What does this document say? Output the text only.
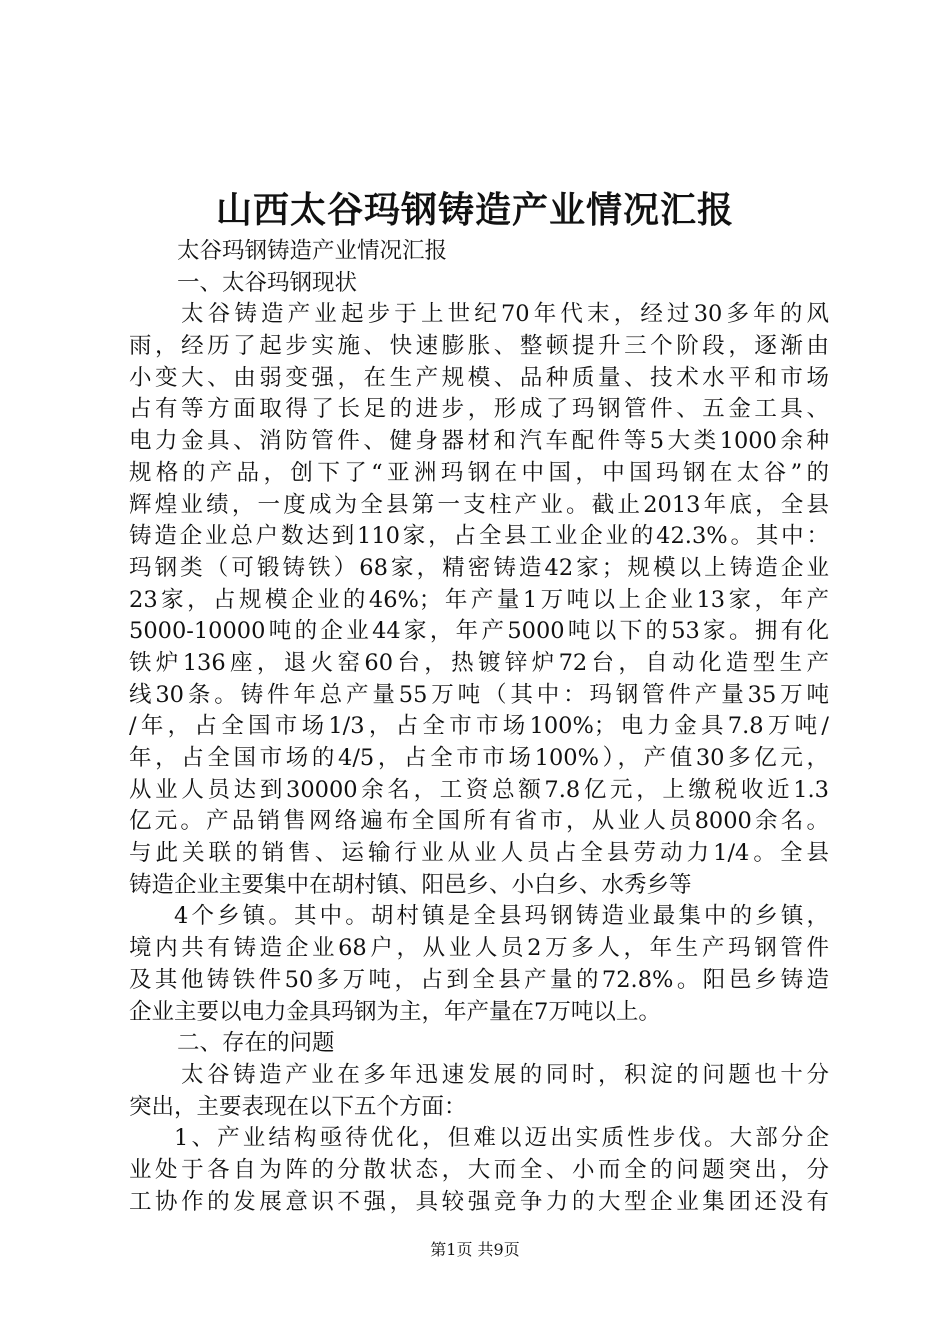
山西太谷玛钢铸造产业情况汇报
太谷玛钢铸造产业情况汇报
一、太谷玛钢现状
太谷铸造产业起步于上世纪70年代末，经过30多年的风
雨，经历了起步实施、快速膨胀、整顿提升三个阶段，逐渐由
小变大、由弱变强，在生产规模、品种质量、技术水平和市场
占有等方面取得了长足的进步，形成了玛钢管件、五金工具、
电力金具、消防管件、健身器材和汽车配件等5大类1000余种
规格的产品，创下了“亚洲玛钢在中国，中国玛钢在太谷”的
辉煌业绩，一度成为全县第一支柱产业。截止2013年底，全县
铸造企业总户数达到110家，占全县工业企业的42.3%。其中：
玛钢类（可锻铸铁）68家，精密铸造42家；规模以上铸造企业
23家，占规模企业的46%；年产量1万吨以上企业13家，年产
5000-10000吨的企业44家，年产5000吨以下的53家。拥有化
铁炉136座，退火窑60台，热镀锌炉72台，自动化造型生产
线30条。铸件年总产量55万吨（其中：玛钢管件产量35万吨
/年，占全国市场1/3，占全市市场100%；电力金具7.8万吨/
年，占全国市场的4/5，占全市市场100%），产值30多亿元，
从业人员达到30000余名，工资总额7.8亿元，上缴税收近1.3
亿元。产品销售网络遍布全国所有省市，从业人员8000余名。
与此关联的销售、运输行业从业人员占全县劳动力1/4。全县
铸造企业主要集中在胡村镇、阳邑乡、小白乡、水秀乡等
4个乡镇。其中。胡村镇是全县玛钢铸造业最集中的乡镇，
境内共有铸造企业68户，从业人员2万多人，年生产玛钢管件
及其他铸铁件50多万吨，占到全县产量的72.8%。阳邑乡铸造
企业主要以电力金具玛钢为主，年产量在7万吨以上。
二、存在的问题
太谷铸造产业在多年迅速发展的同时，积淀的问题也十分
突出，主要表现在以下五个方面：
1、产业结构亟待优化，但难以迈出实质性步伐。大部分企
业处于各自为阵的分散状态，大而全、小而全的问题突出，分
工协作的发展意识不强，具较强竞争力的大型企业集团还没有
第1页 共9页
